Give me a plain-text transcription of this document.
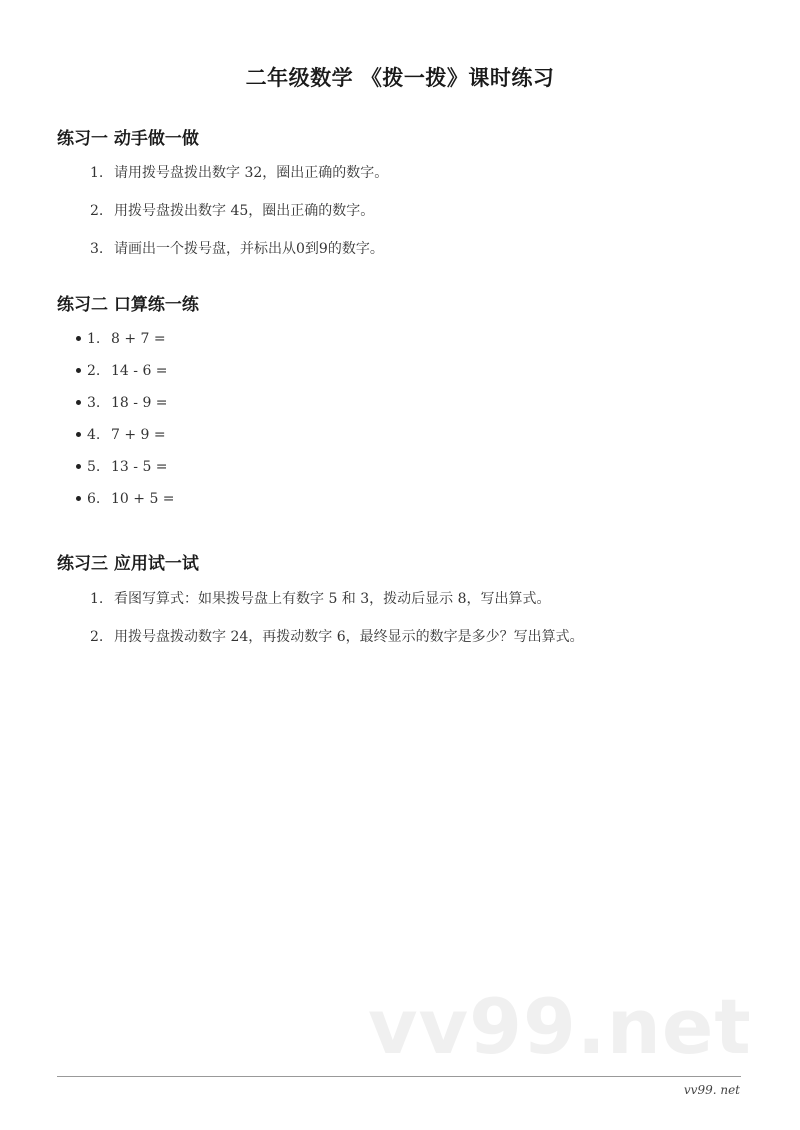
二年级数学 《拨一拨》课时练习
练习一 动手做一做
1. 请用拨号盘拨出数字 32，圈出正确的数字。
2. 用拨号盘拨出数字 45，圈出正确的数字。
3. 请画出一个拨号盘，并标出从0到9的数字。
练习二 口算练一练
1. 8 + 7 =
2. 14 - 6 =
3. 18 - 9 =
4. 7 + 9 =
5. 13 - 5 =
6. 10 + 5 =
练习三 应用试一试
1. 看图写算式：如果拨号盘上有数字 5 和 3，拨动后显示 8，写出算式。
2. 用拨号盘拨动数字 24，再拨动数字 6，最终显示的数字是多少？写出算式。
vv99.net
vv99. net
